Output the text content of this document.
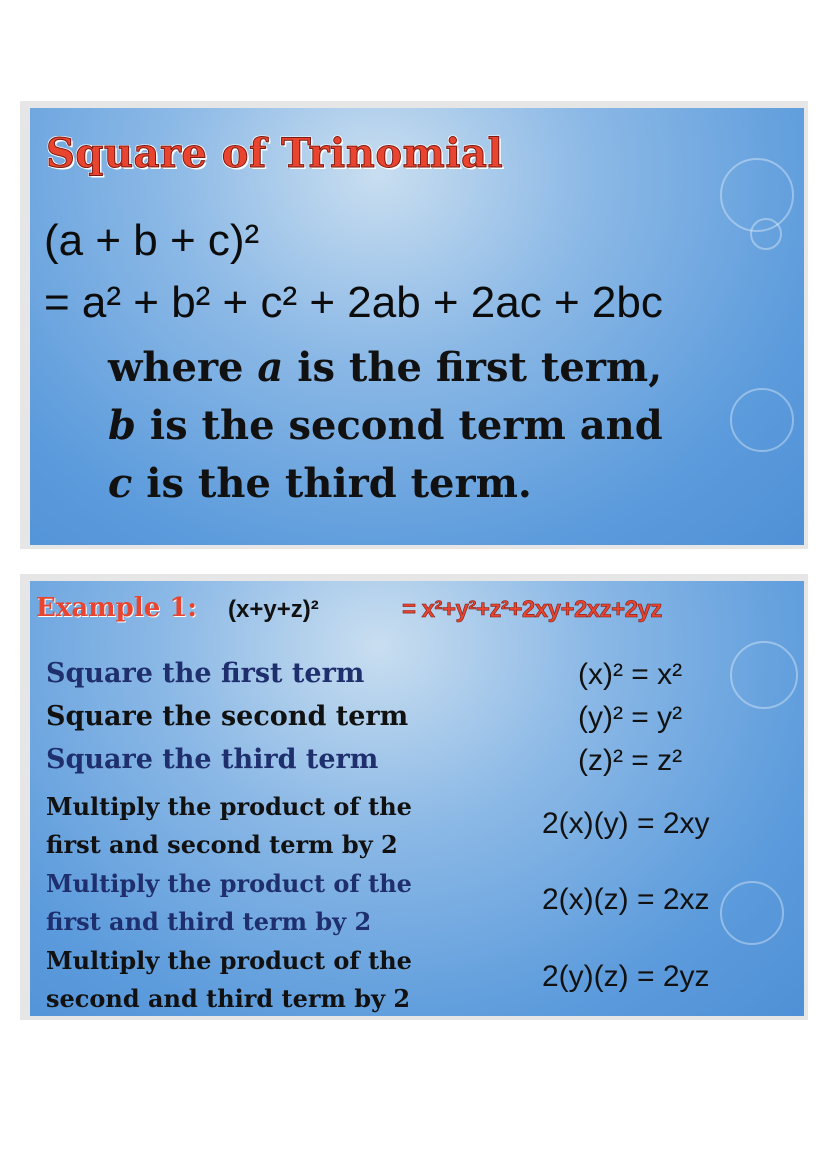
Square of Trinomial
(a + b + c)²
= a² + b² + c² + 2ab + 2ac + 2bc
where a is the first term,
b is the second term and
c is the third term.
Example 1: (x+y+z)²	= x²+y²+z²+2xy+2xz+2yz
Square the first term	(x)² = x²
Square the second term	(y)² = y²
Square the third term	(z)² = z²
Multiply the product of the
first and second term by 2
2(x)(y) = 2xy
Multiply the product of the
first and third term by 2
2(x)(z) = 2xz
Multiply the product of the
second and third term by 2
2(y)(z) = 2yz
